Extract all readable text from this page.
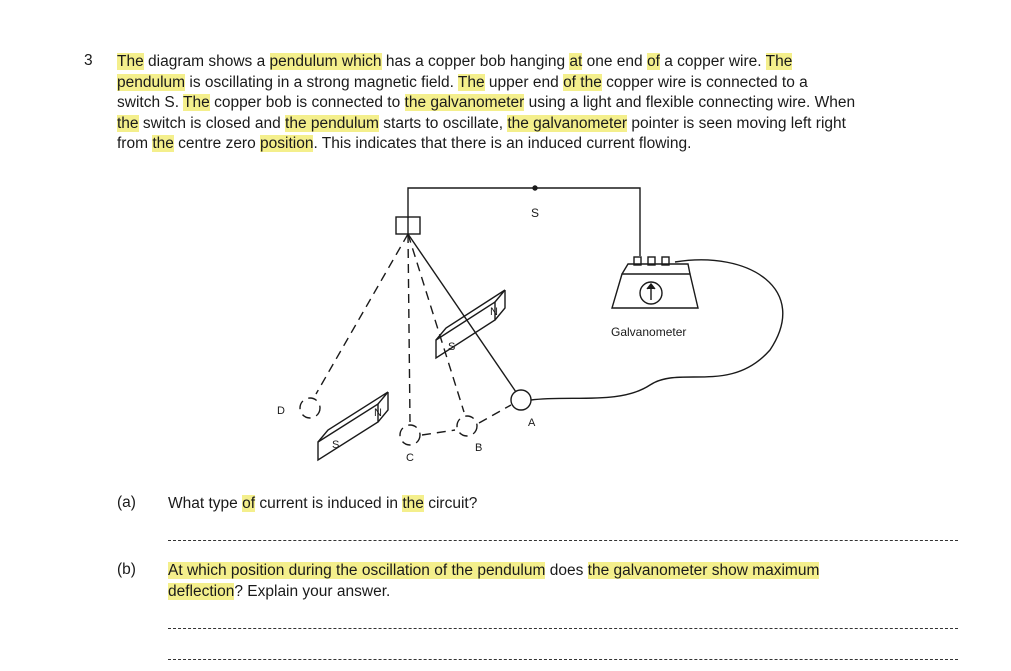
3 The diagram shows a pendulum which has a copper bob hanging at one end of a copper wire. The
pendulum is oscillating in a strong magnetic field. The upper end of the copper wire is connected to a
switch S. The copper bob is connected to the galvanometer using a light and flexible connecting wire. When
the switch is closed and the pendulum starts to oscillate, the galvanometer pointer is seen moving left right
from the centre zero position. This indicates that there is an induced current flowing.
S
Galvanometer
A
B
C
D
N
S
N
S
(a) What type of current is induced in the circuit?
(b) At which position during the oscillation of the pendulum does the galvanometer show maximum
deflection? Explain your answer.
